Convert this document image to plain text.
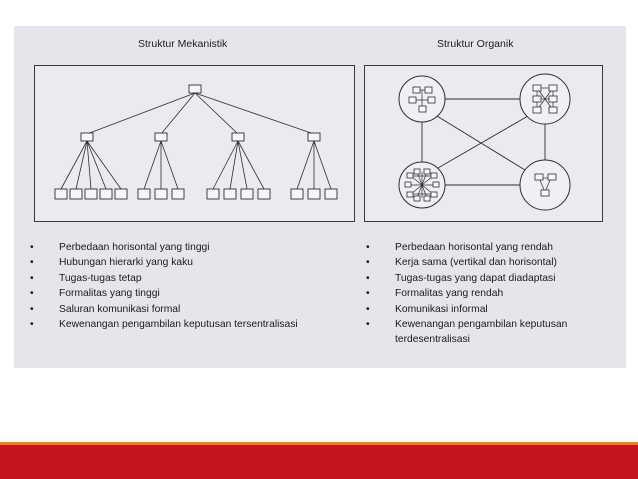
Struktur Mekanistik	Struktur Organik
• Perbedaan horisontal yang tinggi
• Hubungan hierarki yang kaku
• Tugas-tugas tetap
• Formalitas yang tinggi
• Saluran komunikasi formal
• Kewenangan pengambilan keputusan tersentralisasi
• Perbedaan horisontal yang rendah
• Kerja sama (vertikal dan horisontal)
• Tugas-tugas yang dapat diadaptasi
• Formalitas yang rendah
• Komunikasi informal
• Kewenangan pengambilan keputusan terdesentralisasi
